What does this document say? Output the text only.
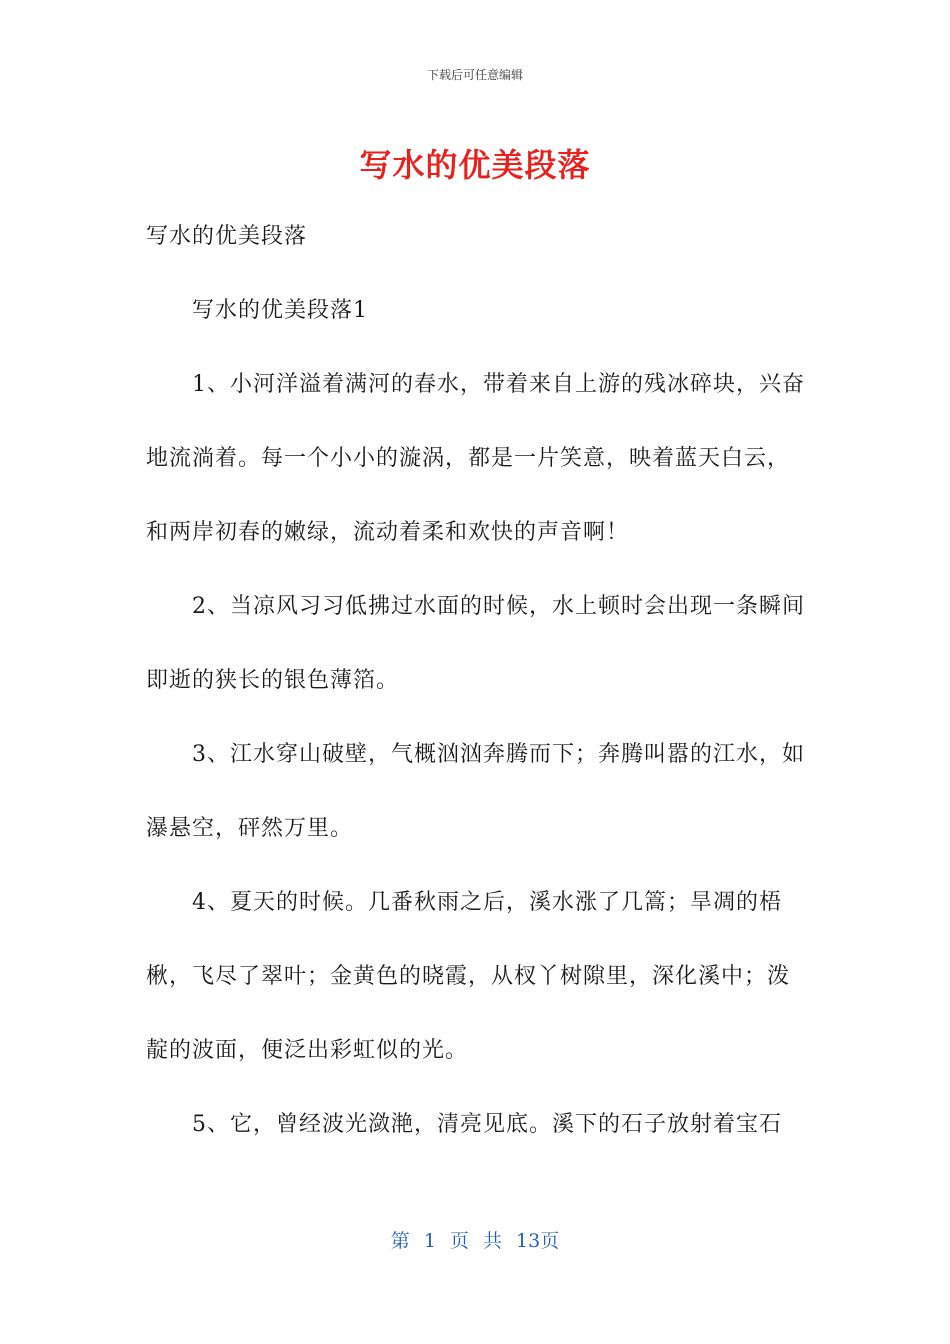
下载后可任意编辑
写水的优美段落

写水的优美段落

写水的优美段落1

1、小河洋溢着满河的春水，带着来自上游的残冰碎块，兴奋地流淌着。每一个小小的漩涡，都是一片笑意，映着蓝天白云，和两岸初春的嫩绿，流动着柔和欢快的声音啊！

2、当凉风习习低拂过水面的时候，水上顿时会出现一条瞬间即逝的狭长的银色薄箔。

3、江水穿山破壁，气概汹汹奔腾而下；奔腾叫嚣的江水，如瀑悬空，砰然万里。

4、夏天的时候。几番秋雨之后，溪水涨了几篙；旱凋的梧楸，飞尽了翠叶；金黄色的晓霞，从杈丫树隙里，深化溪中；泼靛的波面，便泛出彩虹似的光。

5、它，曾经波光潋滟，清亮见底。溪下的石子放射着宝石

第 1 页 共 13页
